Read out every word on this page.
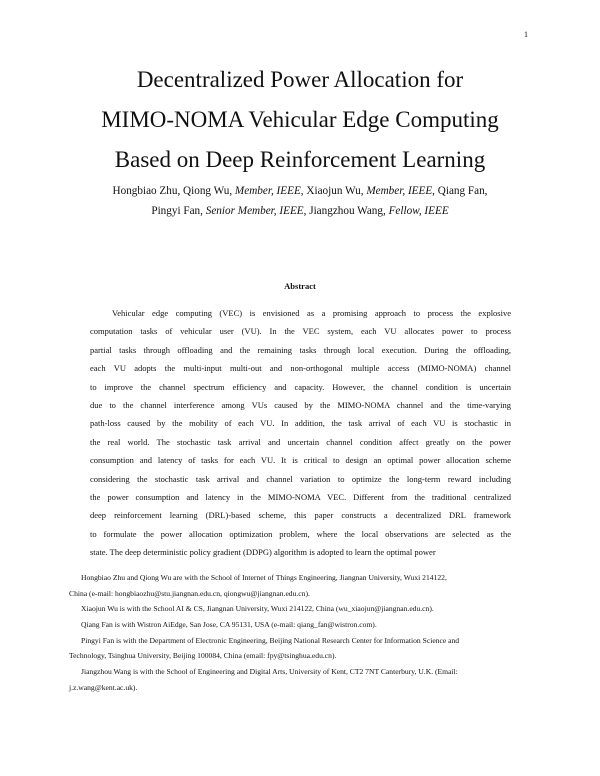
1
Decentralized Power Allocation for
MIMO-NOMA Vehicular Edge Computing
Based on Deep Reinforcement Learning
Hongbiao Zhu, Qiong Wu, Member, IEEE, Xiaojun Wu, Member, IEEE, Qiang Fan,
Pingyi Fan, Senior Member, IEEE, Jiangzhou Wang, Fellow, IEEE
Abstract
Vehicular edge computing (VEC) is envisioned as a promising approach to process the explosive
computation tasks of vehicular user (VU). In the VEC system, each VU allocates power to process
partial tasks through offloading and the remaining tasks through local execution. During the offloading,
each VU adopts the multi-input multi-out and non-orthogonal multiple access (MIMO-NOMA) channel
to improve the channel spectrum efficiency and capacity. However, the channel condition is uncertain
due to the channel interference among VUs caused by the MIMO-NOMA channel and the time-varying
path-loss caused by the mobility of each VU. In addition, the task arrival of each VU is stochastic in
the real world. The stochastic task arrival and uncertain channel condition affect greatly on the power
consumption and latency of tasks for each VU. It is critical to design an optimal power allocation scheme
considering the stochastic task arrival and channel variation to optimize the long-term reward including
the power consumption and latency in the MIMO-NOMA VEC. Different from the traditional centralized
deep reinforcement learning (DRL)-based scheme, this paper constructs a decentralized DRL framework
to formulate the power allocation optimization problem, where the local observations are selected as the
state. The deep deterministic policy gradient (DDPG) algorithm is adopted to learn the optimal power
Hongbiao Zhu and Qiong Wu are with the School of Internet of Things Engineering, Jiangnan University, Wuxi 214122,
China (e-mail: hongbiaozhu@stu.jiangnan.edu.cn, qiongwu@jiangnan.edu.cn).
Xiaojun Wu is with the School AI & CS, Jiangnan University, Wuxi 214122, China (wu_xiaojun@jiangnan.edu.cn).
Qiang Fan is with Wistron AiEdge, San Jose, CA 95131, USA (e-mail: qiang_fan@wistron.com).
Pingyi Fan is with the Department of Electronic Engineering, Beijing National Research Center for Information Science and
Technology, Tsinghua University, Beijing 100084, China (email: fpy@tsinghua.edu.cn).
Jiangzhou Wang is with the School of Engineering and Digital Arts, University of Kent, CT2 7NT Canterbury, U.K. (Email:
j.z.wang@kent.ac.uk).
